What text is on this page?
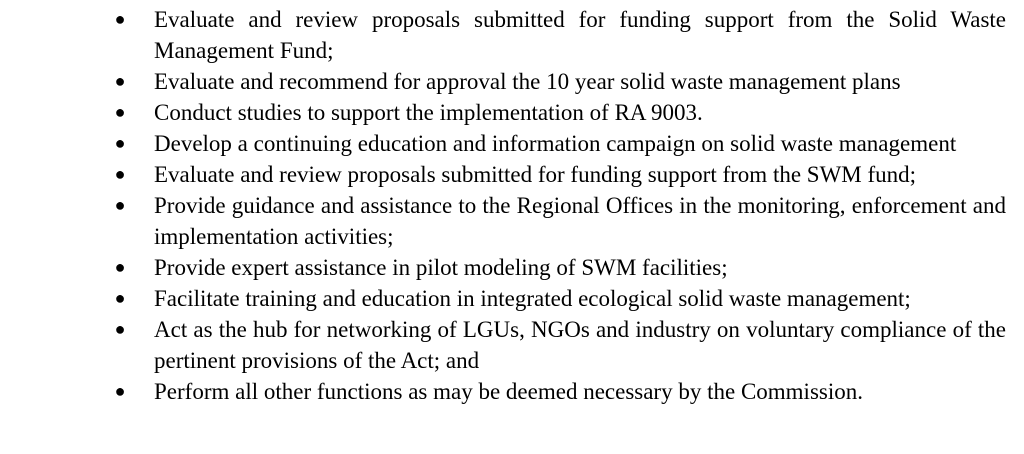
● Evaluate and review proposals submitted for funding support from the Solid Waste Management Fund;
● Evaluate and recommend for approval the 10 year solid waste management plans
● Conduct studies to support the implementation of RA 9003.
● Develop a continuing education and information campaign on solid waste management
● Evaluate and review proposals submitted for funding support from the SWM fund;
● Provide guidance and assistance to the Regional Offices in the monitoring, enforcement and implementation activities;
● Provide expert assistance in pilot modeling of SWM facilities;
● Facilitate training and education in integrated ecological solid waste management;
● Act as the hub for networking of LGUs, NGOs and industry on voluntary compliance of the pertinent provisions of the Act; and
● Perform all other functions as may be deemed necessary by the Commission.
